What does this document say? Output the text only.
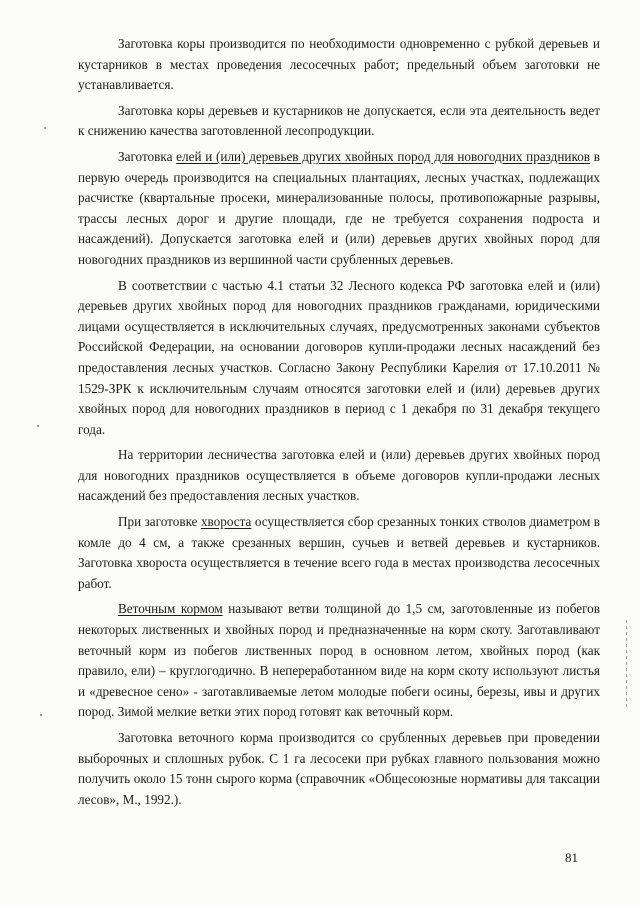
Заготовка коры производится по необходимости одновременно с рубкой деревьев и кустарников в местах проведения лесосечных работ; предельный объем заготовки не устанавливается.

Заготовка коры деревьев и кустарников не допускается, если эта деятельность ведет к снижению качества заготовленной лесопродукции.

Заготовка елей и (или) деревьев других хвойных пород для новогодних праздников в первую очередь производится на специальных плантациях, лесных участках, подлежащих расчистке (квартальные просеки, минерализованные полосы, противопожарные разрывы, трассы лесных дорог и другие площади, где не требуется сохранения подроста и насаждений). Допускается заготовка елей и (или) деревьев других хвойных пород для новогодних праздников из вершинной части срубленных деревьев.

В соответствии с частью 4.1 статьи 32 Лесного кодекса РФ заготовка елей и (или) деревьев других хвойных пород для новогодних праздников гражданами, юридическими лицами осуществляется в исключительных случаях, предусмотренных законами субъектов Российской Федерации, на основании договоров купли-продажи лесных насаждений без предоставления лесных участков. Согласно Закону Республики Карелия от 17.10.2011 № 1529-ЗРК к исключительным случаям относятся заготовки елей и (или) деревьев других хвойных пород для новогодних праздников в период с 1 декабря по 31 декабря текущего года.

На территории лесничества заготовка елей и (или) деревьев других хвойных пород для новогодних праздников осуществляется в объеме договоров купли-продажи лесных насаждений без предоставления лесных участков.

При заготовке хвороста осуществляется сбор срезанных тонких стволов диаметром в комле до 4 см, а также срезанных вершин, сучьев и ветвей деревьев и кустарников. Заготовка хвороста осуществляется в течение всего года в местах производства лесосечных работ.

Веточным кормом называют ветви толщиной до 1,5 см, заготовленные из побегов некоторых лиственных и хвойных пород и предназначенные на корм скоту. Заготавливают веточный корм из побегов лиственных пород в основном летом, хвойных пород (как правило, ели) – круглогодично. В непереработанном виде на корм скоту используют листья и «древесное сено» - заготавливаемые летом молодые побеги осины, березы, ивы и других пород. Зимой мелкие ветки этих пород готовят как веточный корм.

Заготовка веточного корма производится со срубленных деревьев при проведении выборочных и сплошных рубок. С 1 га лесосеки при рубках главного пользования можно получить около 15 тонн сырого корма (справочник «Общесоюзные нормативы для таксации лесов», М., 1992.).

81
